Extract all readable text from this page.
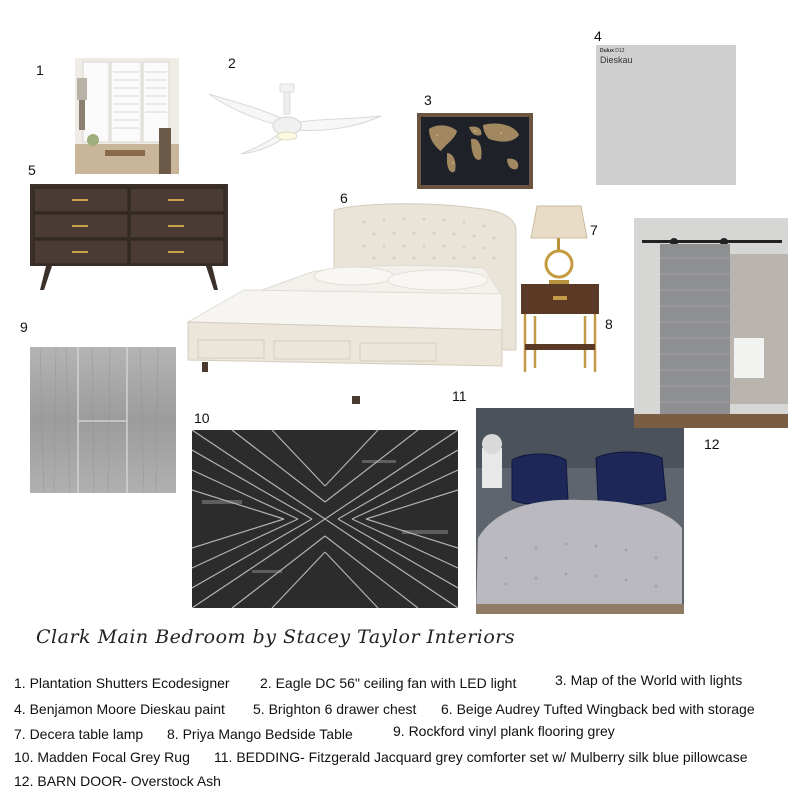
1	2
3
4
5
6
7
8
9
10
11
12
Dulux D13
Dieskau
Clark Main Bedroom by Stacey Taylor Interiors
1. Plantation Shutters Ecodesigner 2. Eagle DC 56" ceiling fan with LED light	3. Map of the World with lights
4. Benjamon Moore Dieskau paint 5. Brighton 6 drawer chest 6. Beige Audrey Tufted Wingback bed with storage
7. Decera table lamp 8. Priya Mango Bedside Table	9. Rockford vinyl plank flooring grey
10. Madden Focal Grey Rug 11. BEDDING- Fitzgerald Jacquard grey comforter set w/ Mulberry silk blue pillowcase
12. BARN DOOR- Overstock Ash
